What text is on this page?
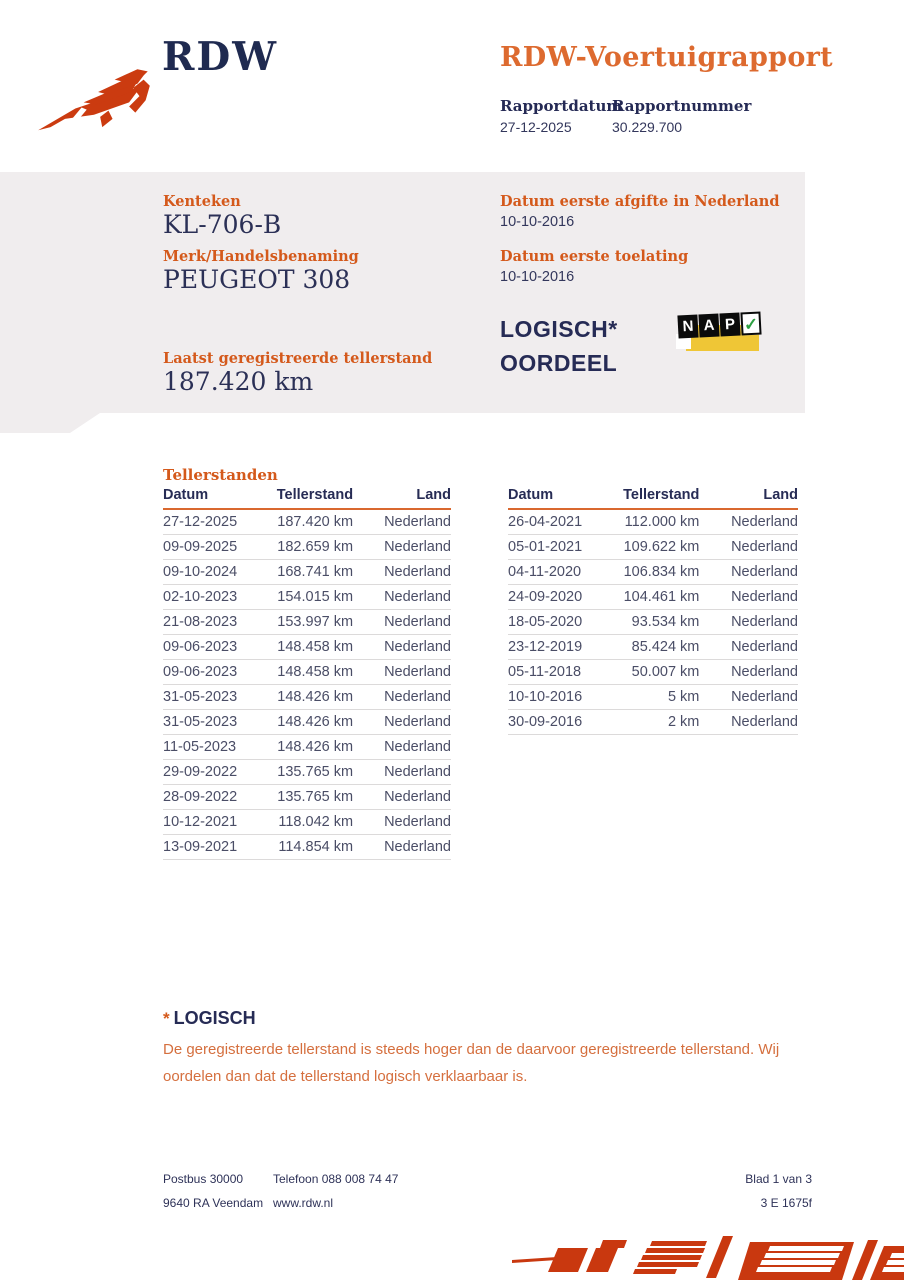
RDW	RDW-Voertuigrapport
Rapportdatum
Rapportnummer
27-12-2025	30.229.700
Kenteken
KL-706-B
Merk/Handelsbenaming
PEUGEOT 308
Laatst geregistreerde tellerstand
187.420 km
Datum eerste afgifte in Nederland
10-10-2016
Datum eerste toelating
10-10-2016
LOGISCH*
OORDEEL
N A P ✓
Tellerstanden
Datum	Tellerstand	Land
27-12-2025	187.420 km	Nederland
09-09-2025	182.659 km	Nederland
09-10-2024	168.741 km	Nederland
02-10-2023	154.015 km	Nederland
21-08-2023	153.997 km	Nederland
09-06-2023	148.458 km	Nederland
09-06-2023	148.458 km	Nederland
31-05-2023	148.426 km	Nederland
31-05-2023	148.426 km	Nederland
11-05-2023	148.426 km	Nederland
29-09-2022	135.765 km	Nederland
28-09-2022	135.765 km	Nederland
10-12-2021	118.042 km	Nederland
13-09-2021	114.854 km	Nederland
Datum	Tellerstand	Land
26-04-2021	112.000 km	Nederland
05-01-2021	109.622 km	Nederland
04-11-2020	106.834 km	Nederland
24-09-2020	104.461 km	Nederland
18-05-2020	93.534 km	Nederland
23-12-2019	85.424 km	Nederland
05-11-2018	50.007 km	Nederland
10-10-2016	5 km	Nederland
30-09-2016	2 km	Nederland
* LOGISCH
De geregistreerde tellerstand is steeds hoger dan de daarvoor geregistreerde tellerstand. Wij oordelen dan dat de tellerstand logisch verklaarbaar is.
Postbus 30000 Telefoon 088 008 74 47	Blad 1 van 3
9640 RA Veendam www.rdw.nl	3 E 1675f
